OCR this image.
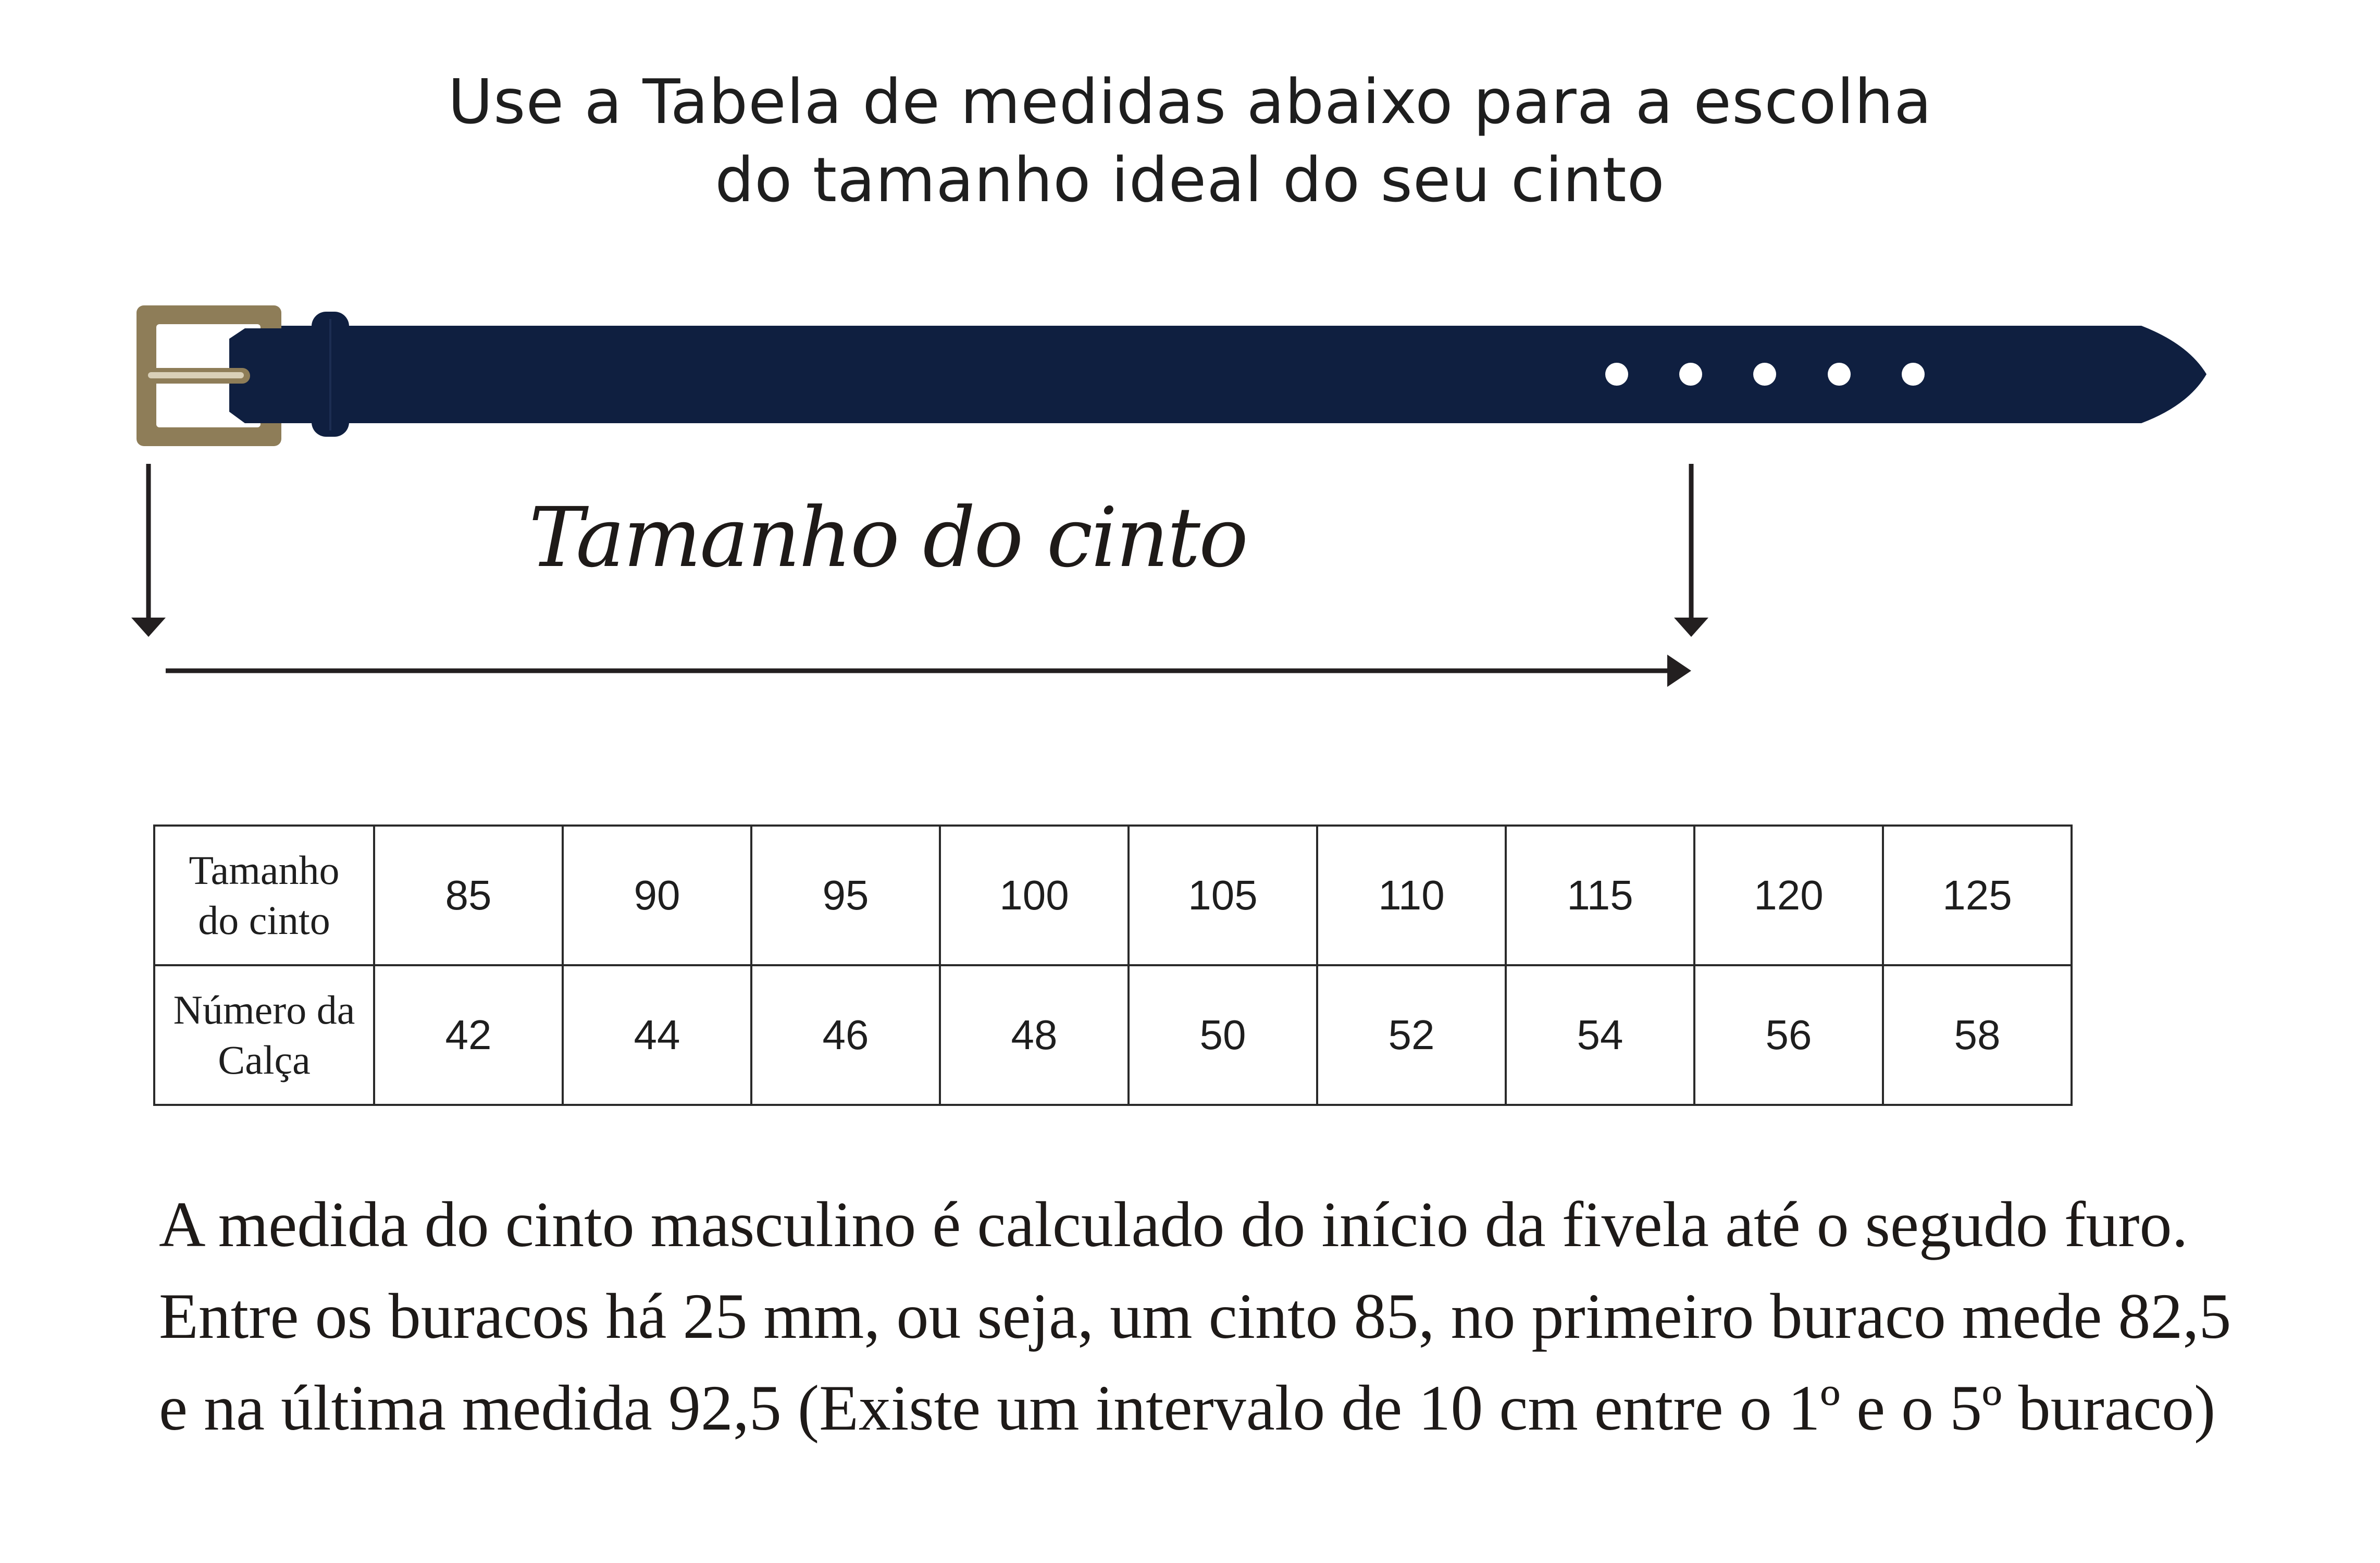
Use a Tabela de medidas abaixo para a escolha
do tamanho ideal do seu cinto
Tamanho do cinto
Tamanho
do cinto	85	90	95	100	105	110	115	120	125

Número da
Calça	42	44	46	48	50	52	54	56	58
A medida do cinto masculino é calculado do início da fivela até o segudo furo.
Entre os buracos há 25 mm, ou seja, um cinto 85, no primeiro buraco mede 82,5
e na última medida 92,5 (Existe um intervalo de 10 cm entre o 1º e o 5º buraco)
